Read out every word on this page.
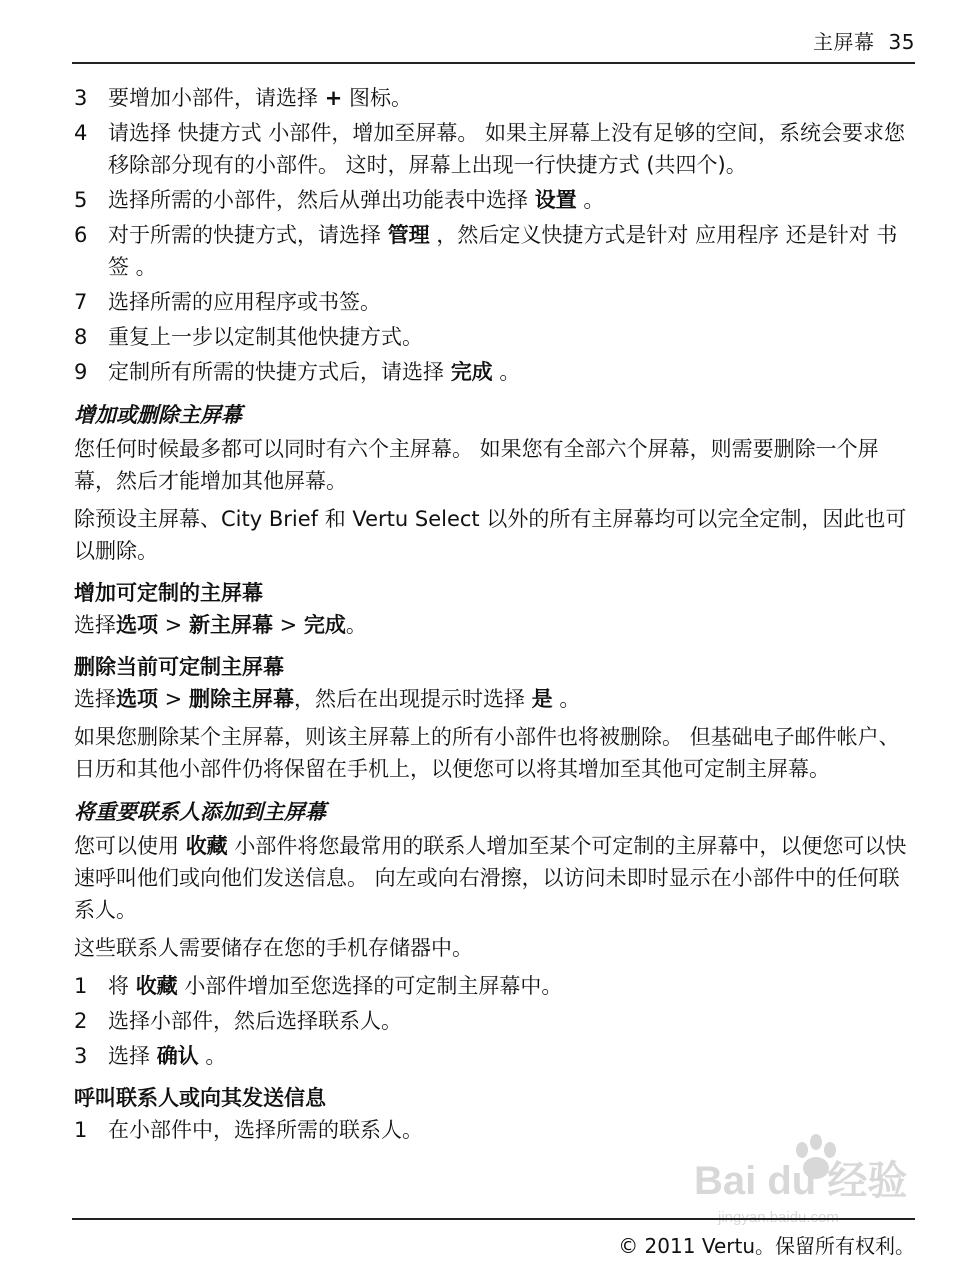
主屏幕 35
3 要增加小部件，请选择 + 图标。
4 请选择 快捷方式 小部件，增加至屏幕。 如果主屏幕上没有足够的空间，系统会要求您移除部分现有的小部件。 这时，屏幕上出现一行快捷方式 (共四个)。
5 选择所需的小部件，然后从弹出功能表中选择 设置 。
6 对于所需的快捷方式，请选择 管理 ，然后定义快捷方式是针对 应用程序 还是针对 书签 。
7 选择所需的应用程序或书签。
8 重复上一步以定制其他快捷方式。
9 定制所有所需的快捷方式后，请选择 完成 。
增加或删除主屏幕
您任何时候最多都可以同时有六个主屏幕。 如果您有全部六个屏幕，则需要删除一个屏幕，然后才能增加其他屏幕。
除预设主屏幕、City Brief 和 Vertu Select 以外的所有主屏幕均可以完全定制，因此也可以删除。
增加可定制的主屏幕
选择选项 > 新主屏幕 > 完成。
删除当前可定制主屏幕
选择选项 > 删除主屏幕，然后在出现提示时选择 是 。
如果您删除某个主屏幕，则该主屏幕上的所有小部件也将被删除。 但基础电子邮件帐户、日历和其他小部件仍将保留在手机上，以便您可以将其增加至其他可定制主屏幕。
将重要联系人添加到主屏幕
您可以使用 收藏 小部件将您最常用的联系人增加至某个可定制的主屏幕中，以便您可以快速呼叫他们或向他们发送信息。 向左或向右滑擦，以访问未即时显示在小部件中的任何联系人。
这些联系人需要储存在您的手机存储器中。
1 将 收藏 小部件增加至您选择的可定制主屏幕中。
2 选择小部件，然后选择联系人。
3 选择 确认 。
呼叫联系人或向其发送信息
1 在小部件中，选择所需的联系人。
Bai du 经验
jingyan.baidu.com
© 2011 Vertu。保留所有权利。
